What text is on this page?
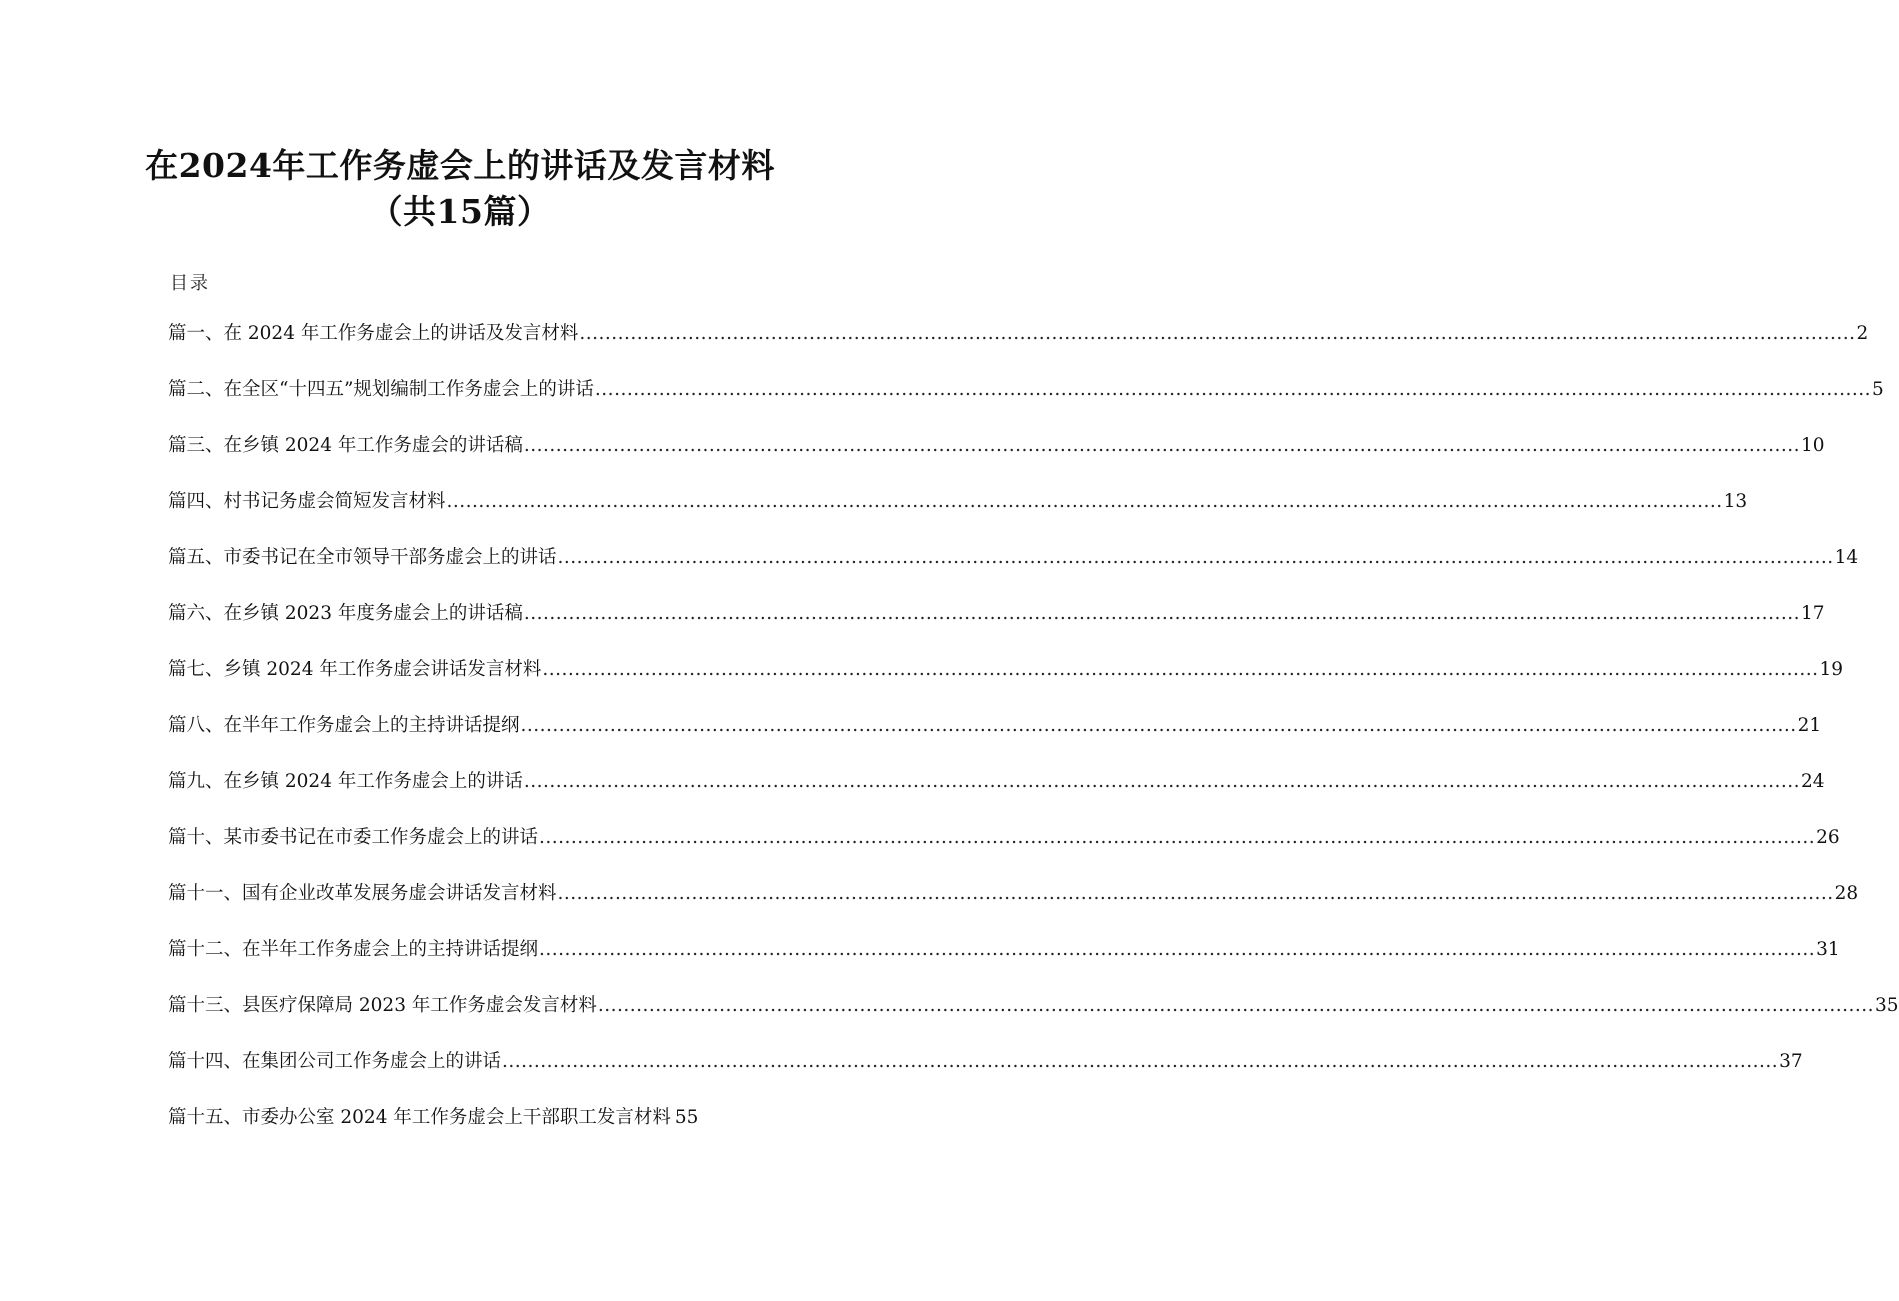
在2024年工作务虚会上的讲话及发言材料
（共15篇）
目录
篇一、在 2024 年工作务虚会上的讲话及发言材料 ........................................................................................................................................................................................................ 2
篇二、在全区“十四五”规划编制工作务虚会上的讲话 ........................................................................................................................................................................................................ 5
篇三、在乡镇 2024 年工作务虚会的讲话稿 ........................................................................................................................................................................................................ 10
篇四、村书记务虚会简短发言材料 ........................................................................................................................................................................................................ 13
篇五、市委书记在全市领导干部务虚会上的讲话 ........................................................................................................................................................................................................ 14
篇六、在乡镇 2023 年度务虚会上的讲话稿 ........................................................................................................................................................................................................ 17
篇七、乡镇 2024 年工作务虚会讲话发言材料 ........................................................................................................................................................................................................ 19
篇八、在半年工作务虚会上的主持讲话提纲 ........................................................................................................................................................................................................ 21
篇九、在乡镇 2024 年工作务虚会上的讲话 ........................................................................................................................................................................................................ 24
篇十、某市委书记在市委工作务虚会上的讲话 ........................................................................................................................................................................................................ 26
篇十一、国有企业改革发展务虚会讲话发言材料 ........................................................................................................................................................................................................ 28
篇十二、在半年工作务虚会上的主持讲话提纲 ........................................................................................................................................................................................................ 31
篇十三、县医疗保障局 2023 年工作务虚会发言材料 ........................................................................................................................................................................................................ 35
篇十四、在集团公司工作务虚会上的讲话 ........................................................................................................................................................................................................ 37
篇十五、市委办公室 2024 年工作务虚会上干部职工发言材料 55
